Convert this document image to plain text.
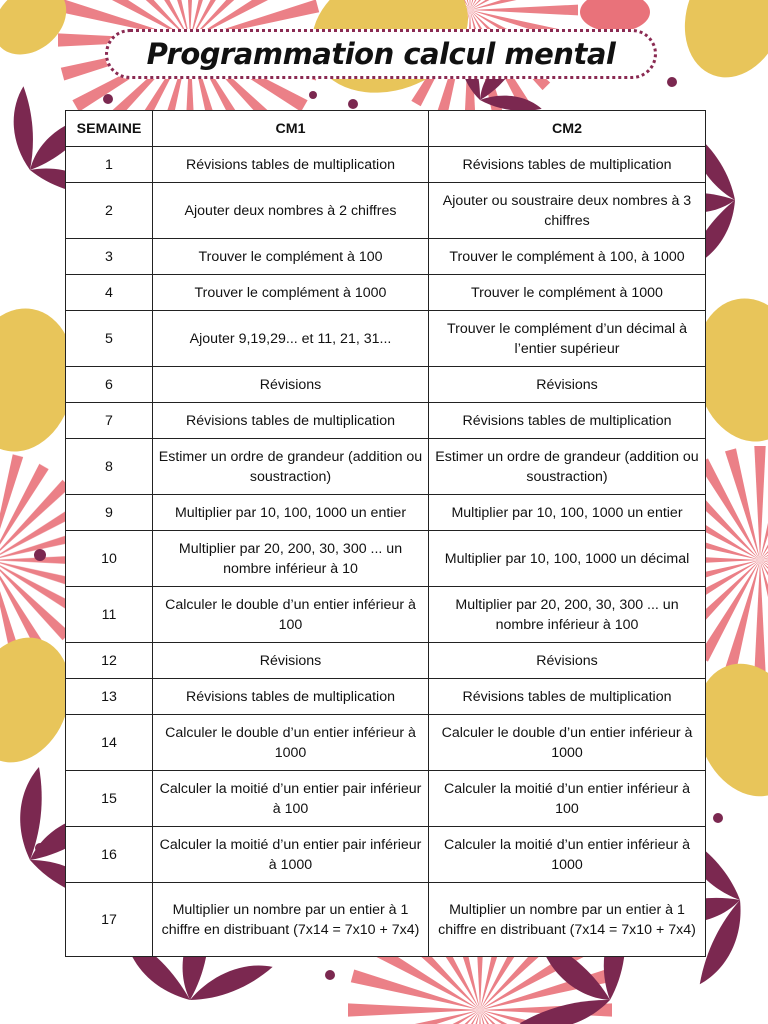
Programmation calcul mental
SEMAINE	CM1	CM2
1	Révisions tables de multiplication	Révisions tables de multiplication
2	Ajouter deux nombres à 2 chiffres	Ajouter ou soustraire deux nombres à 3 chiffres
3	Trouver le complément à 100	Trouver le complément à 100, à 1000
4	Trouver le complément à 1000	Trouver le complément à 1000
5	Ajouter 9,19,29... et 11, 21, 31...	Trouver le complément d’un décimal à l’entier supérieur
6	Révisions	Révisions
7	Révisions tables de multiplication	Révisions tables de multiplication
8	Estimer un ordre de grandeur (addition ou soustraction)	Estimer un ordre de grandeur (addition ou soustraction)
9	Multiplier par 10, 100, 1000 un entier	Multiplier par 10, 100, 1000 un entier
10	Multiplier par 20, 200, 30, 300 ... un nombre inférieur à 10	Multiplier par 10, 100, 1000 un décimal
11	Calculer le double d’un entier inférieur à 100	Multiplier par 20, 200, 30, 300 ... un nombre inférieur à 100
12	Révisions	Révisions
13	Révisions tables de multiplication	Révisions tables de multiplication
14	Calculer le double d’un entier inférieur à 1000	Calculer le double d’un entier inférieur à 1000
15	Calculer la moitié d’un entier pair inférieur à 100	Calculer la moitié d’un entier inférieur à 100
16	Calculer la moitié d’un entier pair inférieur à 1000	Calculer la moitié d’un entier inférieur à 1000
17	Multiplier un nombre par un entier à 1 chiffre en distribuant (7x14 = 7x10 + 7x4)	Multiplier un nombre par un entier à 1 chiffre en distribuant (7x14 = 7x10 + 7x4)
